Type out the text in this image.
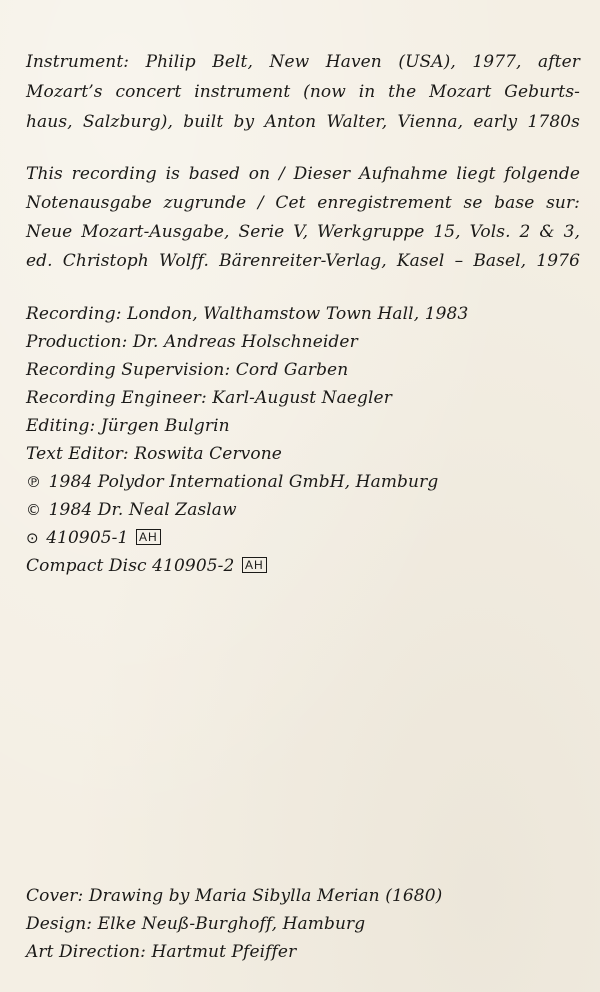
Instrument: Philip Belt, New Haven (USA), 1977, after
Mozart’s concert instrument (now in the Mozart Geburts-
haus, Salzburg), built by Anton Walter, Vienna, early 1780s
This recording is based on / Dieser Aufnahme liegt folgende
Notenausgabe zugrunde / Cet enregistrement se base sur:
Neue Mozart-Ausgabe, Serie V, Werkgruppe 15, Vols. 2 & 3,
ed. Christoph Wolff. Bärenreiter-Verlag, Kasel – Basel, 1976
Recording: London, Walthamstow Town Hall, 1983
Production: Dr. Andreas Holschneider
Recording Supervision: Cord Garben
Recording Engineer: Karl-August Naegler
Editing: Jürgen Bulgrin
Text Editor: Roswita Cervone
℗ 1984 Polydor International GmbH, Hamburg
© 1984 Dr. Neal Zaslaw
⊙ 410905-1 AH
Compact Disc 410905-2 AH
Cover: Drawing by Maria Sibylla Merian (1680)
Design: Elke Neuß-Burghoff, Hamburg
Art Direction: Hartmut Pfeiffer
